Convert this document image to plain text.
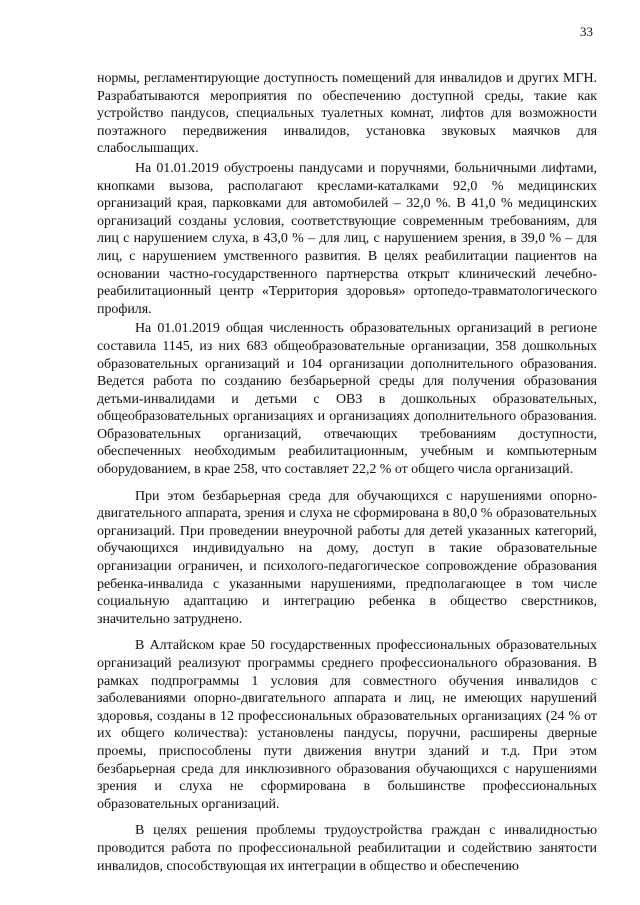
33

нормы, регламентирующие доступность помещений для инвалидов и других МГН. Разрабатываются мероприятия по обеспечению доступной среды, такие как устройство пандусов, специальных туалетных комнат, лифтов для возможности поэтажного передвижения инвалидов, установка звуковых маячков для слабослышащих.

На 01.01.2019 обустроены пандусами и поручнями, больничными лифтами, кнопками вызова, располагают креслами-каталками 92,0 % медицинских организаций края, парковками для автомобилей – 32,0 %. В 41,0 % медицинских организаций созданы условия, соответствующие современным требованиям, для лиц с нарушением слуха, в 43,0 % – для лиц, с нарушением зрения, в 39,0 % – для лиц, с нарушением умственного развития. В целях реабилитации пациентов на основании частно-государственного партнерства открыт клинический лечебно-реабилитационный центр «Территория здоровья» ортопедо-травматологического профиля.

На 01.01.2019 общая численность образовательных организаций в регионе составила 1145, из них 683 общеобразовательные организации, 358 дошкольных образовательных организаций и 104 организации дополнительного образования. Ведется работа по созданию безбарьерной среды для получения образования детьми-инвалидами и детьми с ОВЗ в дошкольных образовательных, общеобразовательных организациях и организациях дополнительного образования. Образовательных организаций, отвечающих требованиям доступности, обеспеченных необходимым реабилитационным, учебным и компьютерным оборудованием, в крае 258, что составляет 22,2 % от общего числа организаций.

При этом безбарьерная среда для обучающихся с нарушениями опорно-двигательного аппарата, зрения и слуха не сформирована в 80,0 % образовательных организаций. При проведении внеурочной работы для детей указанных категорий, обучающихся индивидуально на дому, доступ в такие образовательные организации ограничен, и психолого-педагогическое сопровождение образования ребенка-инвалида с указанными нарушениями, предполагающее в том числе социальную адаптацию и интеграцию ребенка в общество сверстников, значительно затруднено.

В Алтайском крае 50 государственных профессиональных образовательных организаций реализуют программы среднего профессионального образования. В рамках подпрограммы 1 условия для совместного обучения инвалидов с заболеваниями опорно-двигательного аппарата и лиц, не имеющих нарушений здоровья, созданы в 12 профессиональных образовательных организациях (24 % от их общего количества): установлены пандусы, поручни, расширены дверные проемы, приспособлены пути движения внутри зданий и т.д. При этом безбарьерная среда для инклюзивного образования обучающихся с нарушениями зрения и слуха не сформирована в большинстве профессиональных образовательных организаций.

В целях решения проблемы трудоустройства граждан с инвалидностью проводится работа по профессиональной реабилитации и содействию занятости инвалидов, способствующая их интеграции в общество и обеспечению
